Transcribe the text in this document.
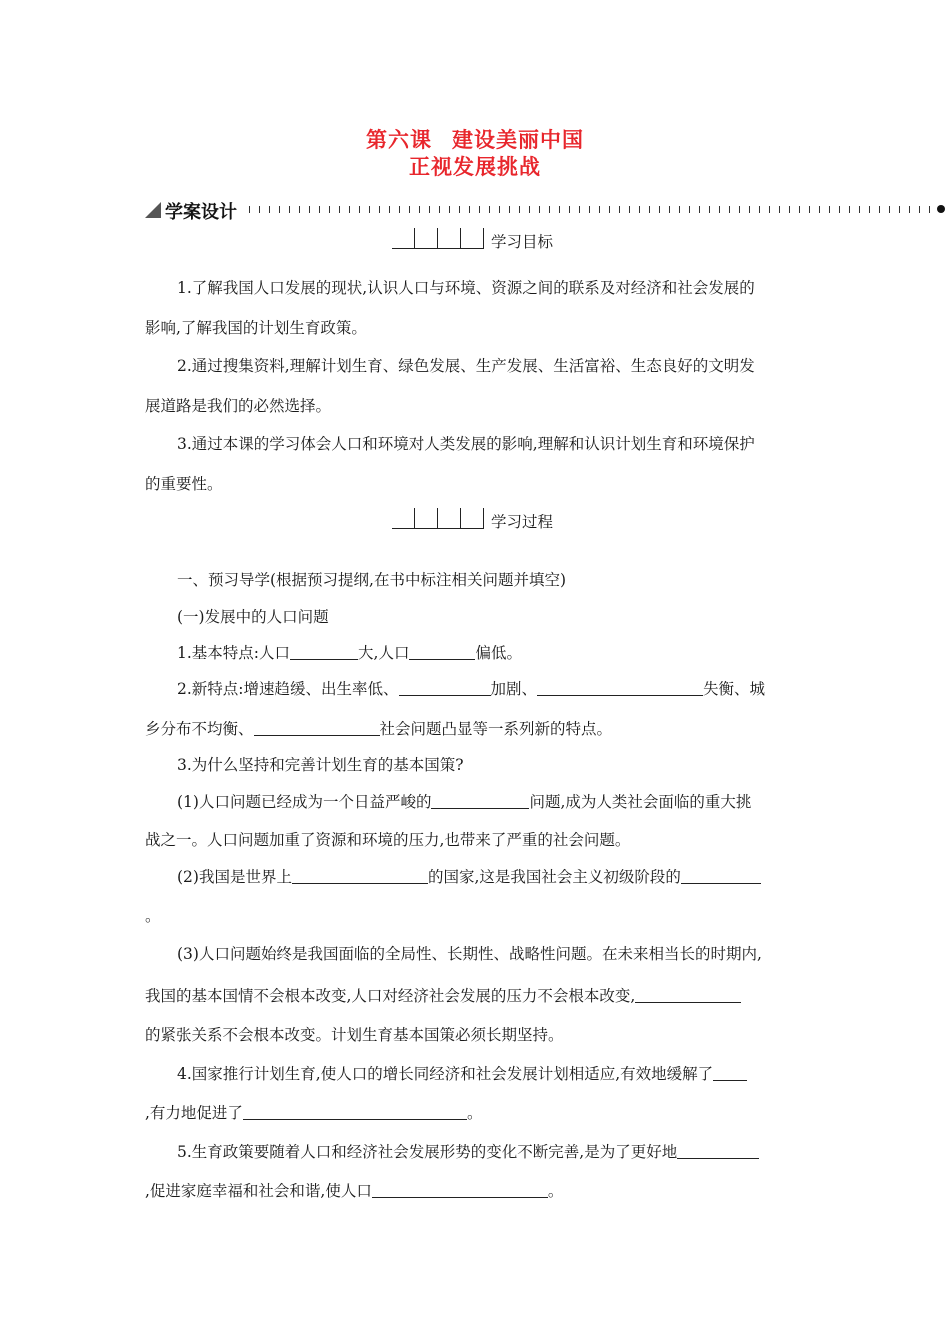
第六课 建设美丽中国
正视发展挑战
学案设计
学习目标

1.了解我国人口发展的现状,认识人口与环境、资源之间的联系及对经济和社会发展的

影响,了解我国的计划生育政策。

2.通过搜集资料,理解计划生育、绿色发展、生产发展、生活富裕、生态良好的文明发

展道路是我们的必然选择。

3.通过本课的学习体会人口和环境对人类发展的影响,理解和认识计划生育和环境保护

的重要性。

学习过程

一、预习导学(根据预习提纲,在书中标注相关问题并填空)

(一)发展中的人口问题

1.基本特点:人口	大,人口	偏低。

2.新特点:增速趋缓、出生率低、	加剧、	失衡、城

乡分布不均衡、	社会问题凸显等一系列新的特点。

3.为什么坚持和完善计划生育的基本国策?

(1)人口问题已经成为一个日益严峻的	问题,成为人类社会面临的重大挑

战之一。人口问题加重了资源和环境的压力,也带来了严重的社会问题。

(2)我国是世界上	的国家,这是我国社会主义初级阶段的

。

(3)人口问题始终是我国面临的全局性、长期性、战略性问题。在未来相当长的时期内,

我国的基本国情不会根本改变,人口对经济社会发展的压力不会根本改变,

的紧张关系不会根本改变。计划生育基本国策必须长期坚持。

4.国家推行计划生育,使人口的增长同经济和社会发展计划相适应,有效地缓解了

,有力地促进了	。

5.生育政策要随着人口和经济社会发展形势的变化不断完善,是为了更好地

,促进家庭幸福和社会和谐,使人口	。
